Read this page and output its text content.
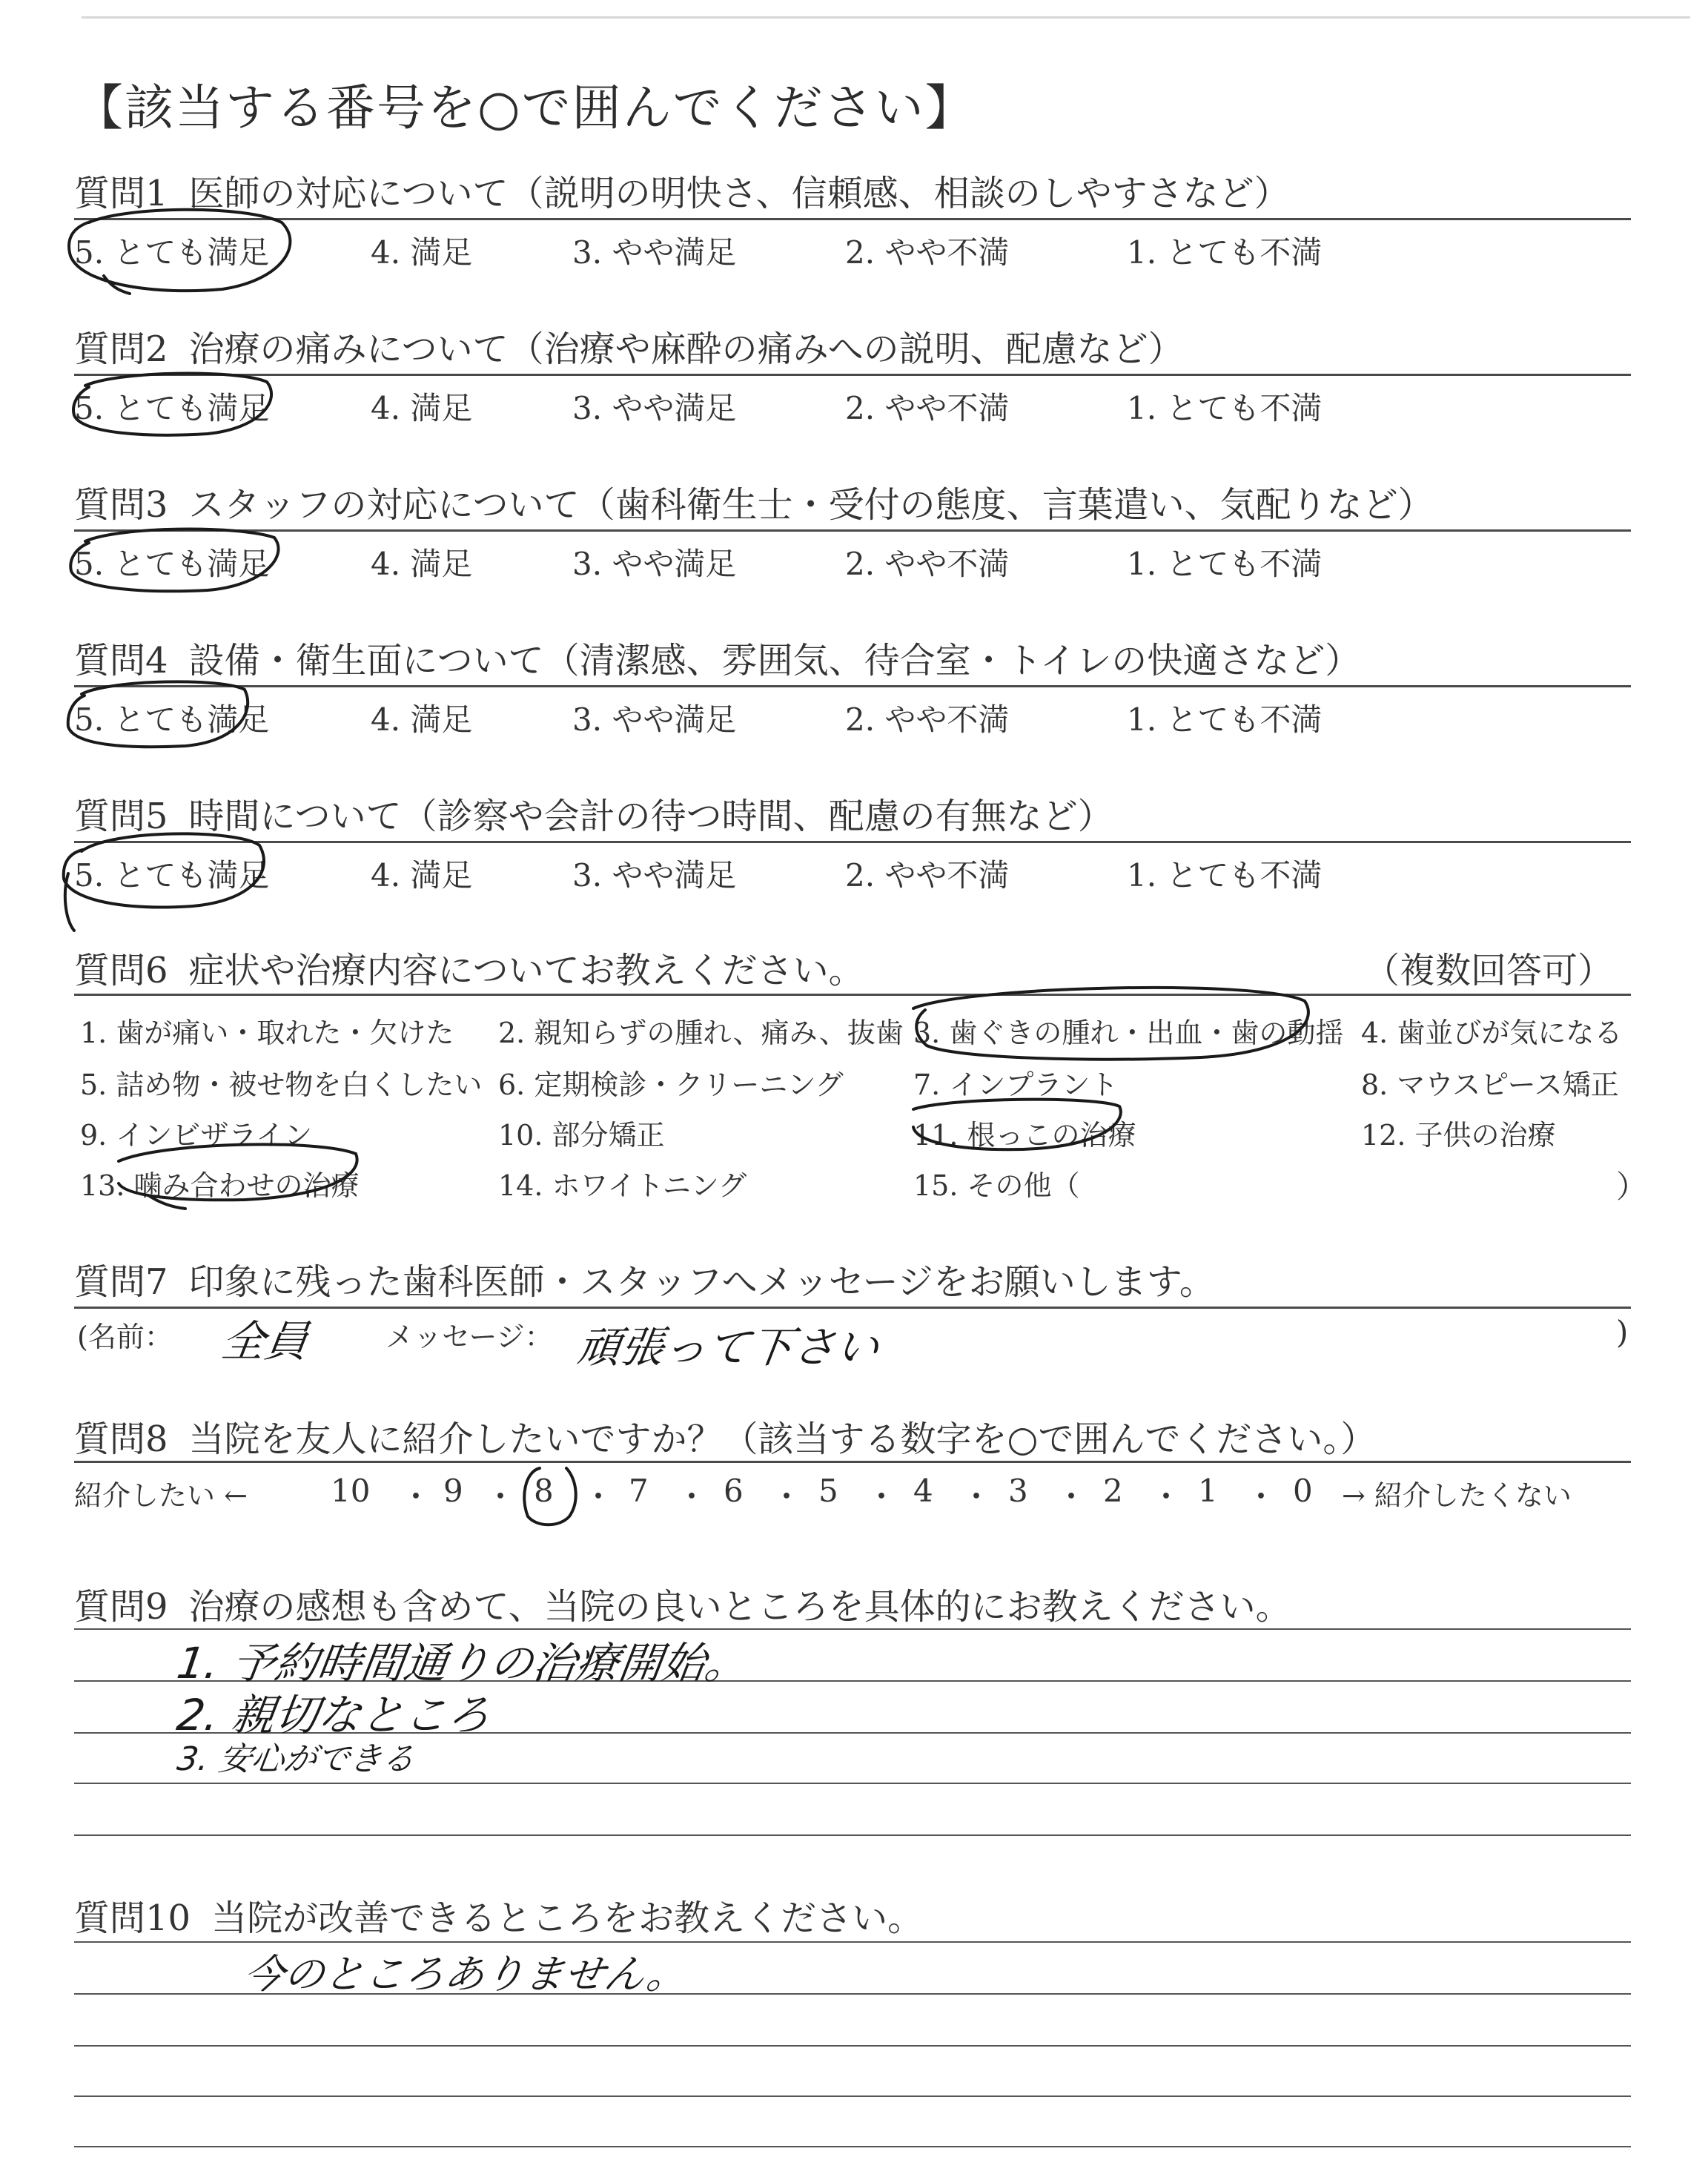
【該当する番号を○で囲んでください】
質問1 医師の対応について（説明の明快さ、信頼感、相談のしやすさなど）
5. とても満足	4. 満足	3. やや満足	2. やや不満	1. とても不満
質問2 治療の痛みについて（治療や麻酔の痛みへの説明、配慮など）
5. とても満足	4. 満足	3. やや満足	2. やや不満	1. とても不満
質問3 スタッフの対応について（歯科衛生士・受付の態度、言葉遣い、気配りなど）
5. とても満足	4. 満足	3. やや満足	2. やや不満	1. とても不満
質問4 設備・衛生面について（清潔感、雰囲気、待合室・トイレの快適さなど）
5. とても満足	4. 満足	3. やや満足	2. やや不満	1. とても不満
質問5 時間について（診察や会計の待つ時間、配慮の有無など）
5. とても満足	4. 満足	3. やや満足	2. やや不満	1. とても不満
質問6 症状や治療内容についてお教えください。	（複数回答可）
1. 歯が痛い・取れた・欠けた 2. 親知らずの腫れ、痛み、抜歯 3. 歯ぐきの腫れ・出血・歯の動揺 4. 歯並びが気になる
5. 詰め物・被せ物を白くしたい 6. 定期検診・クリーニング 7. インプラント	8. マウスピース矯正
9. インビザライン	10. 部分矯正	11. 根っこの治療	12. 子供の治療
13. 噛み合わせの治療	14. ホワイトニング	15. その他（	）
質問7 印象に残った歯科医師・スタッフへメッセージをお願いします。
(名前： 全員	メッセージ： 頑張って下さい	)
質問8 当院を友人に紹介したいですか？（該当する数字を○で囲んでください。）
紹介したい ←	→ 紹介したくない
10 ・ 9 ・ 8 ・ 7 ・ 6 ・ 5 ・ 4 ・ 3 ・ 2 ・ 1 ・ 0
質問9 治療の感想も含めて、当院の良いところを具体的にお教えください。
1. 予約時間通りの治療開始。
2. 親切なところ
3. 安心ができる
質問10 当院が改善できるところをお教えください。
今のところありません。
